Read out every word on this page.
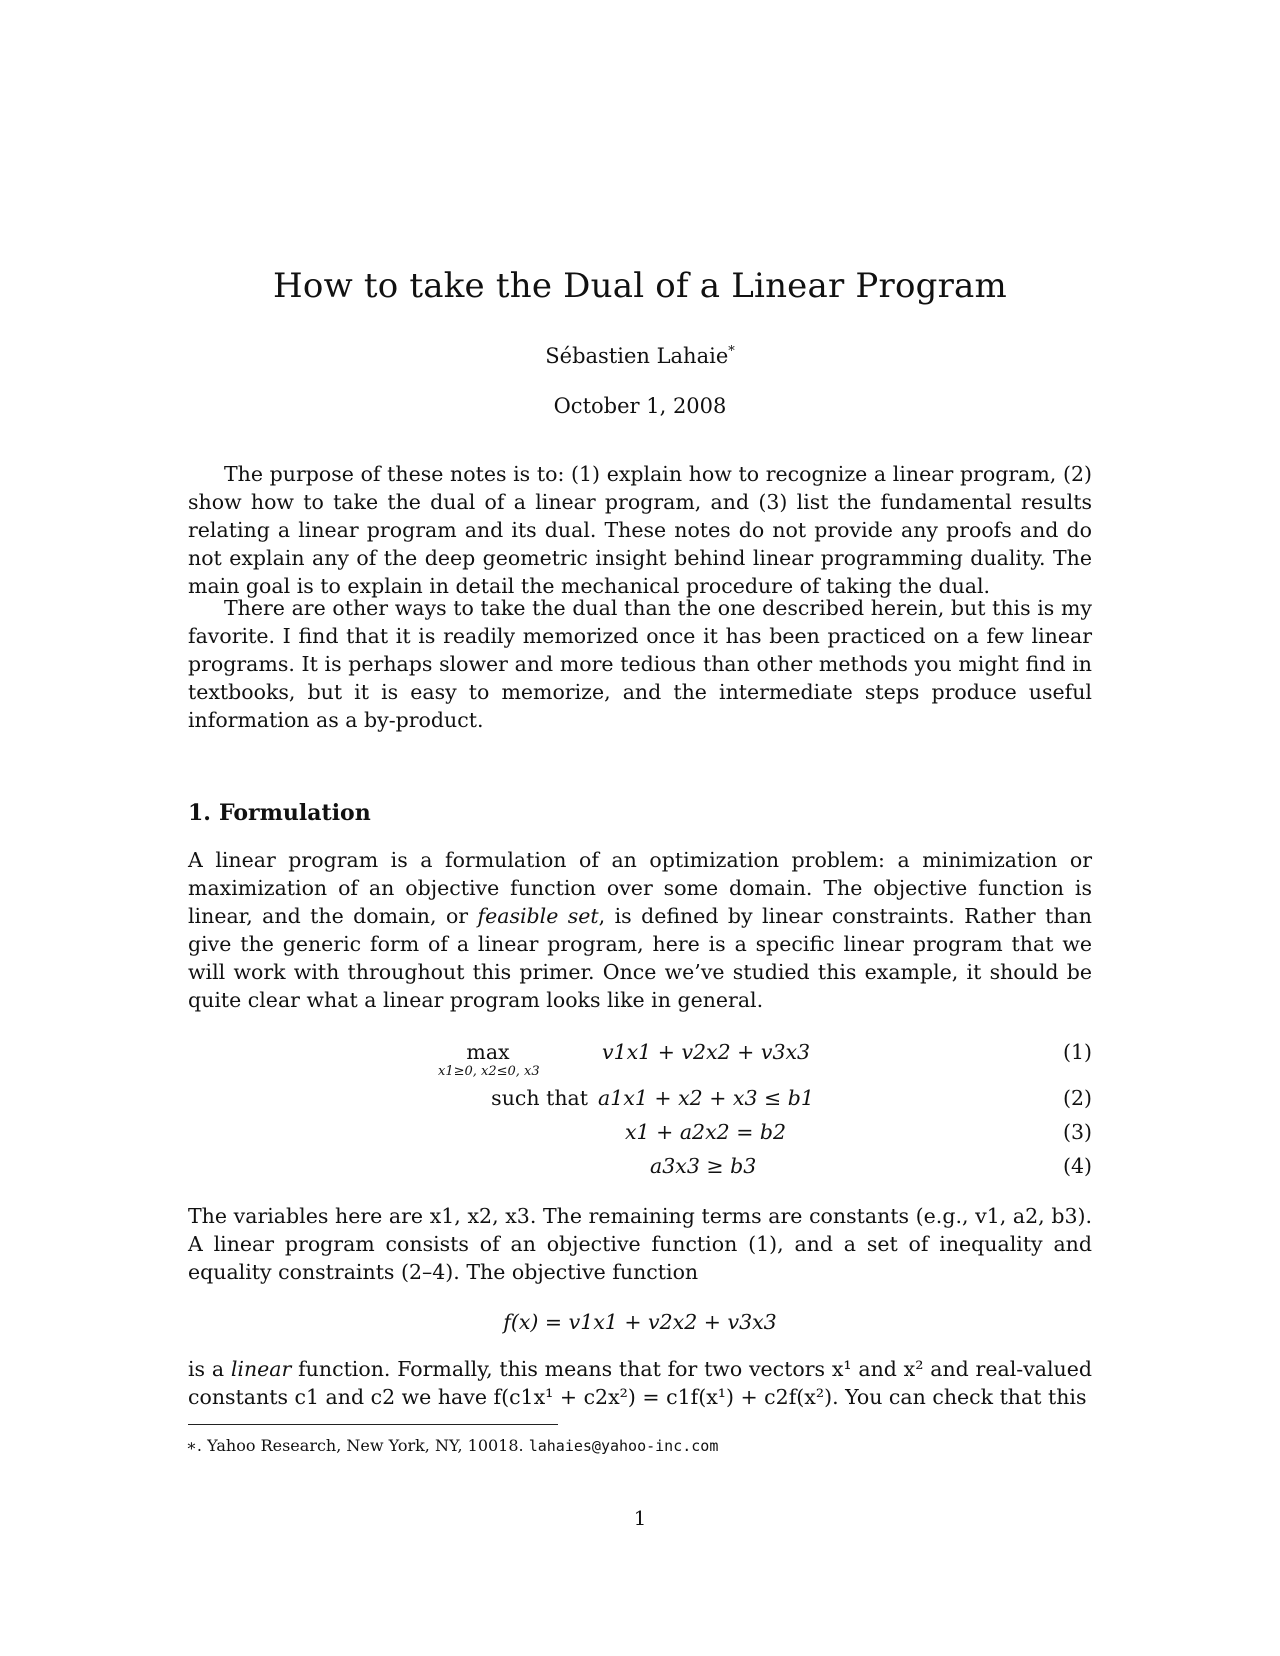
How to take the Dual of a Linear Program
Sébastien Lahaie*
October 1, 2008

The purpose of these notes is to: (1) explain how to recognize a linear program, (2) show how to take the dual of a linear program, and (3) list the fundamental results relating a linear program and its dual. These notes do not provide any proofs and do not explain any of the deep geometric insight behind linear programming duality. The main goal is to explain in detail the mechanical procedure of taking the dual.

There are other ways to take the dual than the one described herein, but this is my favorite. I find that it is readily memorized once it has been practiced on a few linear programs. It is perhaps slower and more tedious than other methods you might find in textbooks, but it is easy to memorize, and the intermediate steps produce useful information as a by-product.

1. Formulation

A linear program is a formulation of an optimization problem: a minimization or maximization of an objective function over some domain. The objective function is linear, and the domain, or feasible set, is defined by linear constraints. Rather than give the generic form of a linear program, here is a specific linear program that we will work with throughout this primer. Once we’ve studied this example, it should be quite clear what a linear program looks like in general.

max
x1≥0, x2≤0, x3
v1x1 + v2x2 + v3x3	(1)
such that a1x1 + x2 + x3 ≤ b1	(2)
x1 + a2x2 = b2	(3)
a3x3 ≥ b3	(4)

The variables here are x1, x2, x3. The remaining terms are constants (e.g., v1, a2, b3). A linear program consists of an objective function (1), and a set of inequality and equality constraints (2–4). The objective function

f(x) = v1x1 + v2x2 + v3x3

is a linear function. Formally, this means that for two vectors x¹ and x² and real-valued constants c1 and c2 we have f(c1x¹ + c2x²) = c1f(x¹) + c2f(x²). You can check that this

∗. Yahoo Research, New York, NY, 10018. lahaies@yahoo-inc.com
1
